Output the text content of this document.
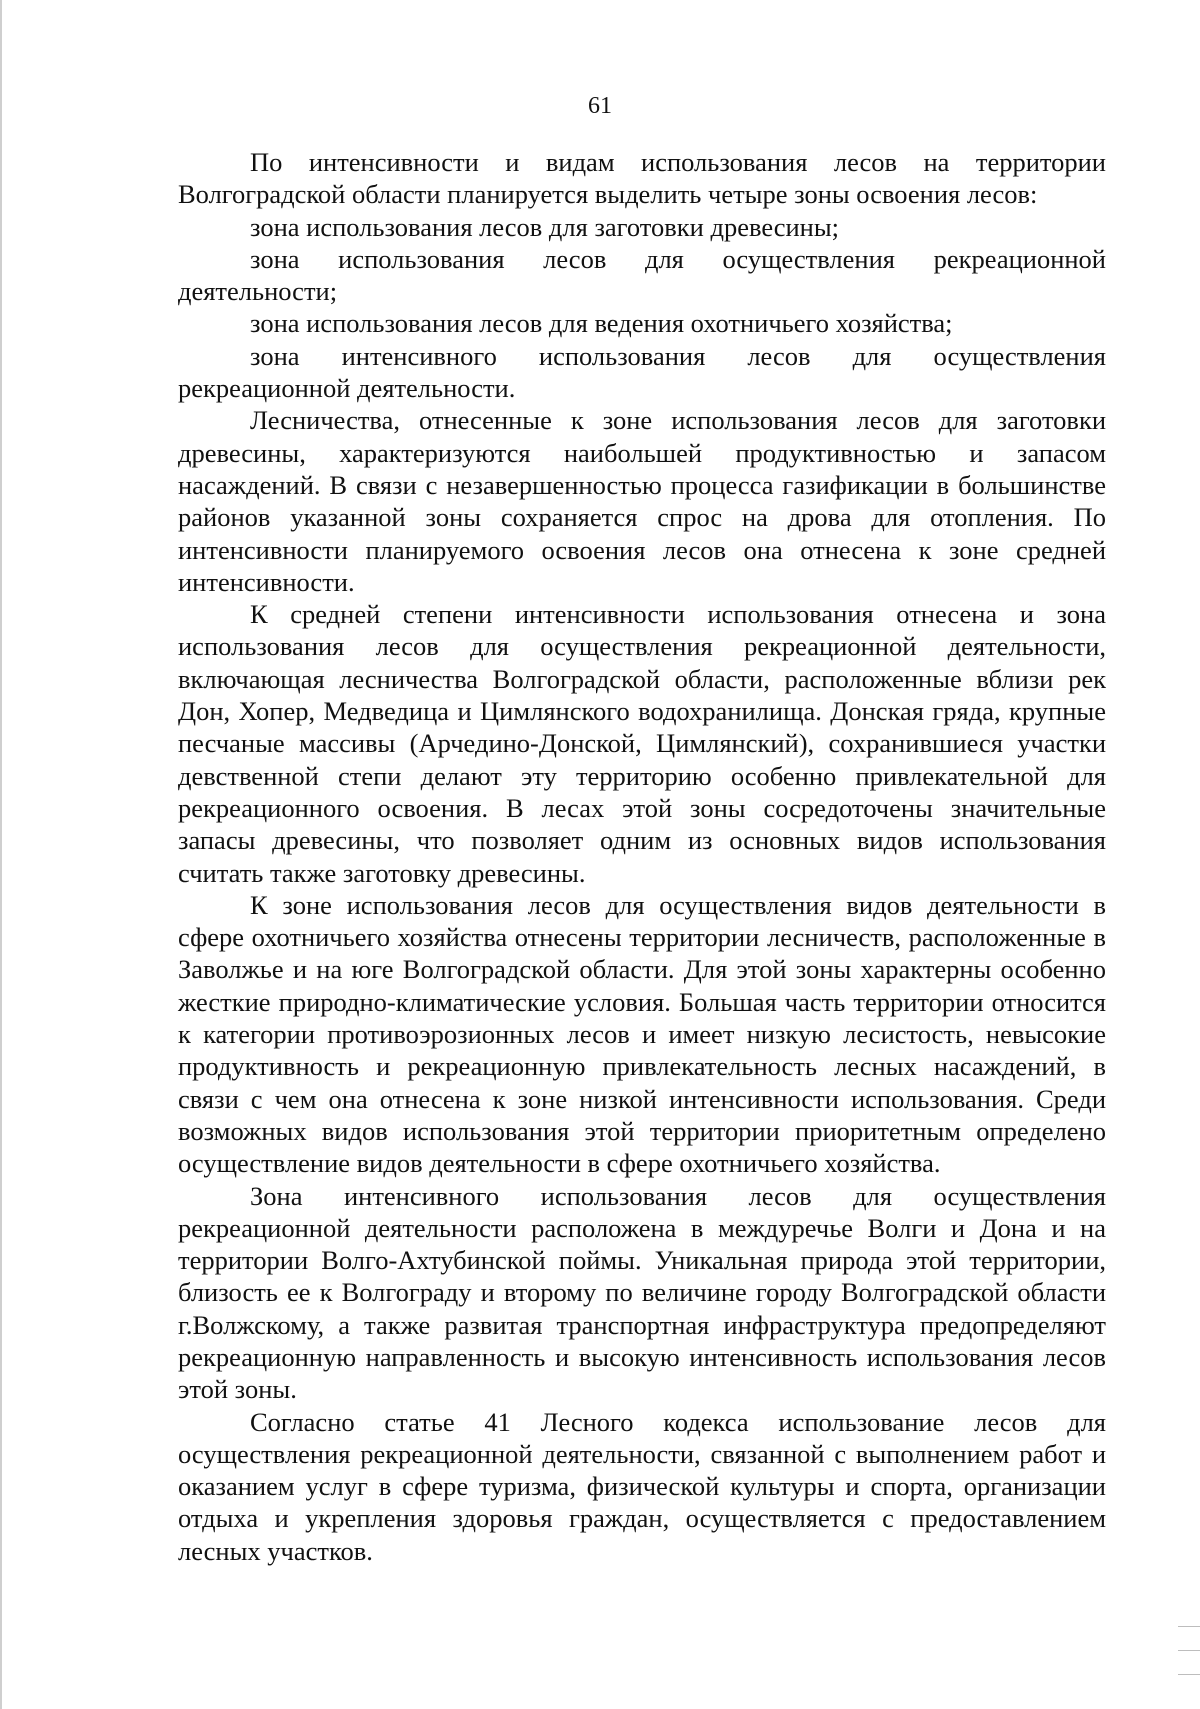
61

По интенсивности и видам использования лесов на территории Волгоградской области планируется выделить четыре зоны освоения лесов:

зона использования лесов для заготовки древесины;

зона использования лесов для осуществления рекреационной деятельности;

зона использования лесов для ведения охотничьего хозяйства;

зона интенсивного использования лесов для осуществления рекреационной деятельности.

Лесничества, отнесенные к зоне использования лесов для заготовки древесины, характеризуются наибольшей продуктивностью и запасом насаждений. В связи с незавершенностью процесса газификации в большинстве районов указанной зоны сохраняется спрос на дрова для отопления. По интенсивности планируемого освоения лесов она отнесена к зоне средней интенсивности.

К средней степени интенсивности использования отнесена и зона использования лесов для осуществления рекреационной деятельности, включающая лесничества Волгоградской области, расположенные вблизи рек Дон, Хопер, Медведица и Цимлянского водохранилища. Донская гряда, крупные песчаные массивы (Арчедино-Донской, Цимлянский), сохранившиеся участки девственной степи делают эту территорию особенно привлекательной для рекреационного освоения. В лесах этой зоны сосредоточены значительные запасы древесины, что позволяет одним из основных видов использования считать также заготовку древесины.

К зоне использования лесов для осуществления видов деятельности в сфере охотничьего хозяйства отнесены территории лесничеств, расположенные в Заволжье и на юге Волгоградской области. Для этой зоны характерны особенно жесткие природно-климатические условия. Большая часть территории относится к категории противоэрозионных лесов и имеет низкую лесистость, невысокие продуктивность и рекреационную привлекательность лесных насаждений, в связи с чем она отнесена к зоне низкой интенсивности использования. Среди возможных видов использования этой территории приоритетным определено осуществление видов деятельности в сфере охотничьего хозяйства.

Зона интенсивного использования лесов для осуществления рекреационной деятельности расположена в междуречье Волги и Дона и на территории Волго-Ахтубинской поймы. Уникальная природа этой территории, близость ее к Волгограду и второму по величине городу Волгоградской области г.Волжскому, а также развитая транспортная инфраструктура предопределяют рекреационную направленность и высокую интенсивность использования лесов этой зоны.

Согласно статье 41 Лесного кодекса использование лесов для осуществления рекреационной деятельности, связанной с выполнением работ и оказанием услуг в сфере туризма, физической культуры и спорта, организации отдыха и укрепления здоровья граждан, осуществляется с предоставлением лесных участков.
